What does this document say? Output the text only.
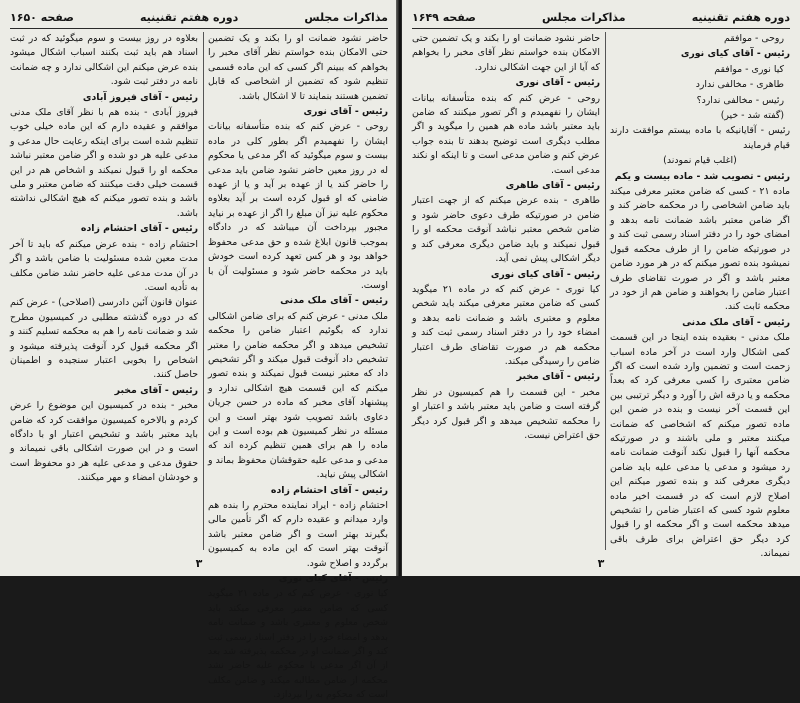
مذاکرات مجلس
دوره هفتم تقنینیه
صفحه ۱۶۵۰

حاضر نشود ضمانت او را بکند و یک تضمین حتی الامکان بنده خواستم نظر آقای مخبر را بخواهم که ببینم اگر کسی که این ماده قسمی تنظیم شود که تضمین از اشخاصی که قابل تضمین هستند بنمایند تا لا اشکال باشد.

رئیس - آقای نوری

روحی - عرض کنم که بنده متأسفانه بیانات ایشان را نفهمیدم اگر بطور کلی در ماده بیست و سوم میگوئید که اگر مدعی یا محکوم له در روز معین حاضر نشود ضامن باید مدعی را حاضر کند یا از عهده بر آید و یا از عهده ضامنی که او قبول کرده است بر آید بعلاوه محکوم علیه نیز آن مبلغ را اگر از عهده بر نیاید مجبور بپرداخت آن میباشد که در دادگاه بموجب قانون ابلاغ شده و حق مدعی محفوظ خواهد بود و هر کس تعهد کرده است خودش باید در محکمه حاضر شود و مسئولیت آن با اوست.

رئیس - آقای ملک مدنی

ملک مدنی - عرض کنم که برای ضامن اشکالی ندارد که بگوئیم اعتبار ضامن را محکمه تشخیص میدهد و اگر محکمه ضامن را معتبر تشخیص داد آنوقت قبول میکند و اگر تشخیص داد که معتبر نیست قبول نمیکند و بنده تصور میکنم که این قسمت هیچ اشکالی ندارد و پیشنهاد آقای مخبر که ماده در حسن جریان دعاوی باشد تصویب شود بهتر است و این مسئله در نظر کمیسیون هم بوده است و این ماده را هم برای همین تنظیم کرده اند که مدعی و مدعی علیه حقوقشان محفوظ بماند و اشکالی پیش نیاید.

رئیس - آقای احتشام زاده

احتشام زاده - ایراد نماینده محترم را بنده هم وارد میدانم و عقیده دارم که اگر تأمین مالی بگیرند بهتر است و اگر ضامن معتبر باشد آنوقت بهتر است که این ماده به کمیسیون برگردد و اصلاح شود.

رئیس - آقای کیای نوری

کیا نوری - عرض کنم که در ماده ۲۱ میگوید کسی که ضامن معتبر معرفی میکند باید شخص معلوم و معتبری باشد و ضمانت نامه بدهد و امضاء خود را در دفتر اسناد رسمی ثبت کند و اگر ضمانت او در محکمه پذیرفته شد بعد از آن اگر مدعی یا محکوم علیه حاضر نشد محکمه از ضامن مطالبه میکند و ضامن مکلف است که محکوم به را بپردازد.

بعلاوه در روز بیست و سوم میگوئید که در ثبت اسناد هم باید ثبت بکنند اسباب اشکال میشود بنده عرض میکنم این اشکالی ندارد و چه ضمانت نامه در دفتر ثبت شود.

رئیس - آقای فیروز آبادی

فیروز آبادی - بنده هم با نظر آقای ملک مدنی موافقم و عقیده دارم که این ماده خیلی خوب تنظیم شده است برای اینکه رعایت حال مدعی و مدعی علیه هر دو شده و اگر ضامن معتبر نباشد محکمه او را قبول نمیکند و اشخاص هم در این قسمت خیلی دقت میکنند که ضامن معتبر و ملی باشد و بنده تصور میکنم که هیچ اشکالی نداشته باشد.

رئیس - آقای احتشام زاده

احتشام زاده - بنده عرض میکنم که باید تا آخر مدت معین شده مسئولیت با ضامن باشد و اگر در آن مدت مدعی علیه حاضر نشد ضامن مکلف به تأدیه است.

عنوان قانون آئین دادرسی (اصلاحی) - عرض کنم که در دوره گذشته مطلبی در کمیسیون مطرح شد و ضمانت نامه را هم به محکمه تسلیم کنند و اگر محکمه قبول کرد آنوقت پذیرفته میشود و اشخاص را بخوبی اعتبار سنجیده و اطمینان حاصل کنند.

رئیس - آقای مخبر

مخبر - بنده در کمیسیون این موضوع را عرض کردم و بالاخره کمیسیون موافقت کرد که ضامن باید معتبر باشد و تشخیص اعتبار او با دادگاه است و در این صورت اشکالی باقی نمیماند و حقوق مدعی و مدعی علیه هر دو محفوظ است و خودشان امضاء و مهر میکنند.

۳
دوره هفتم تقنینیه
مذاکرات مجلس
صفحه ۱۶۴۹

روحی - موافقم

رئیس - آقای کیای نوری

کیا نوری - موافقم

طاهری - مخالفی ندارد

رئیس - مخالفی ندارد؟

(گفته شد - خیر)

رئیس - آقایانیکه با ماده بیستم موافقت دارند قیام فرمایند

(اغلب قیام نمودند)

رئیس - تصویب شد - ماده بیست و یکم

ماده ۲۱ - کسی که ضامن معتبر معرفی میکند باید ضامن اشخاصی را در محکمه حاضر کند و اگر ضامن معتبر باشد ضمانت نامه بدهد و امضای خود را در دفتر اسناد رسمی ثبت کند و در صورتیکه ضامن را از طرف محکمه قبول نمیشود بنده تصور میکنم که در هر مورد ضامن معتبر باشد و اگر در صورت تقاضای طرف اعتبار ضامن را بخواهند و ضامن هم از خود در محکمه ثابت کند.

رئیس - آقای ملک مدنی

ملک مدنی - بعقیده بنده اینجا در این قسمت کمی اشکال وارد است در آخر ماده اسباب زحمت است و تضمین وارد شده است که اگر ضامن معتبری را کسی معرفی کرد که بعداً محکمه و یا درقه اش را آورد و دیگر ترتیبی بین این قسمت آخر نیست و بنده در ضمن این ماده تصور میکنم که اشخاصی که ضمانت میکنند معتبر و ملی باشند و در صورتیکه محکمه آنها را قبول نکند آنوقت ضمانت نامه رد میشود و مدعی یا مدعی علیه باید ضامن دیگری معرفی کند و بنده تصور میکنم این اصلاح لازم است که در قسمت اخیر ماده معلوم شود کسی که اعتبار ضامن را تشخیص میدهد محکمه است و اگر محکمه او را قبول کرد دیگر حق اعتراض برای طرف باقی نمیماند.

حاضر نشود ضمانت او را بکند و یک تضمین حتی الامکان بنده خواستم نظر آقای مخبر را بخواهم که آیا از این جهت اشکالی ندارد.

رئیس - آقای نوری

روحی - عرض کنم که بنده متأسفانه بیانات ایشان را نفهمیدم و اگر تصور میکنند که ضامن باید معتبر باشد ماده هم همین را میگوید و اگر مطلب دیگری است توضیح بدهند تا بنده جواب عرض کنم و ضامن مدعی است و تا اینکه او نکند مدعی است.

رئیس - آقای طاهری

طاهری - بنده عرض میکنم که از جهت اعتبار ضامن در صورتیکه طرف دعوی حاضر شود و ضامن شخص معتبر نباشد آنوقت محکمه او را قبول نمیکند و باید ضامن دیگری معرفی کند و دیگر اشکالی پیش نمی آید.

رئیس - آقای کیای نوری

کیا نوری - عرض کنم که در ماده ۲۱ میگوید کسی که ضامن معتبر معرفی میکند باید شخص معلوم و معتبری باشد و ضمانت نامه بدهد و امضاء خود را در دفتر اسناد رسمی ثبت کند و محکمه هم در صورت تقاضای طرف اعتبار ضامن را رسیدگی میکند.

رئیس - آقای مخبر

مخبر - این قسمت را هم کمیسیون در نظر گرفته است و ضامن باید معتبر باشد و اعتبار او را محکمه تشخیص میدهد و اگر قبول کرد دیگر حق اعتراض نیست.

۳
